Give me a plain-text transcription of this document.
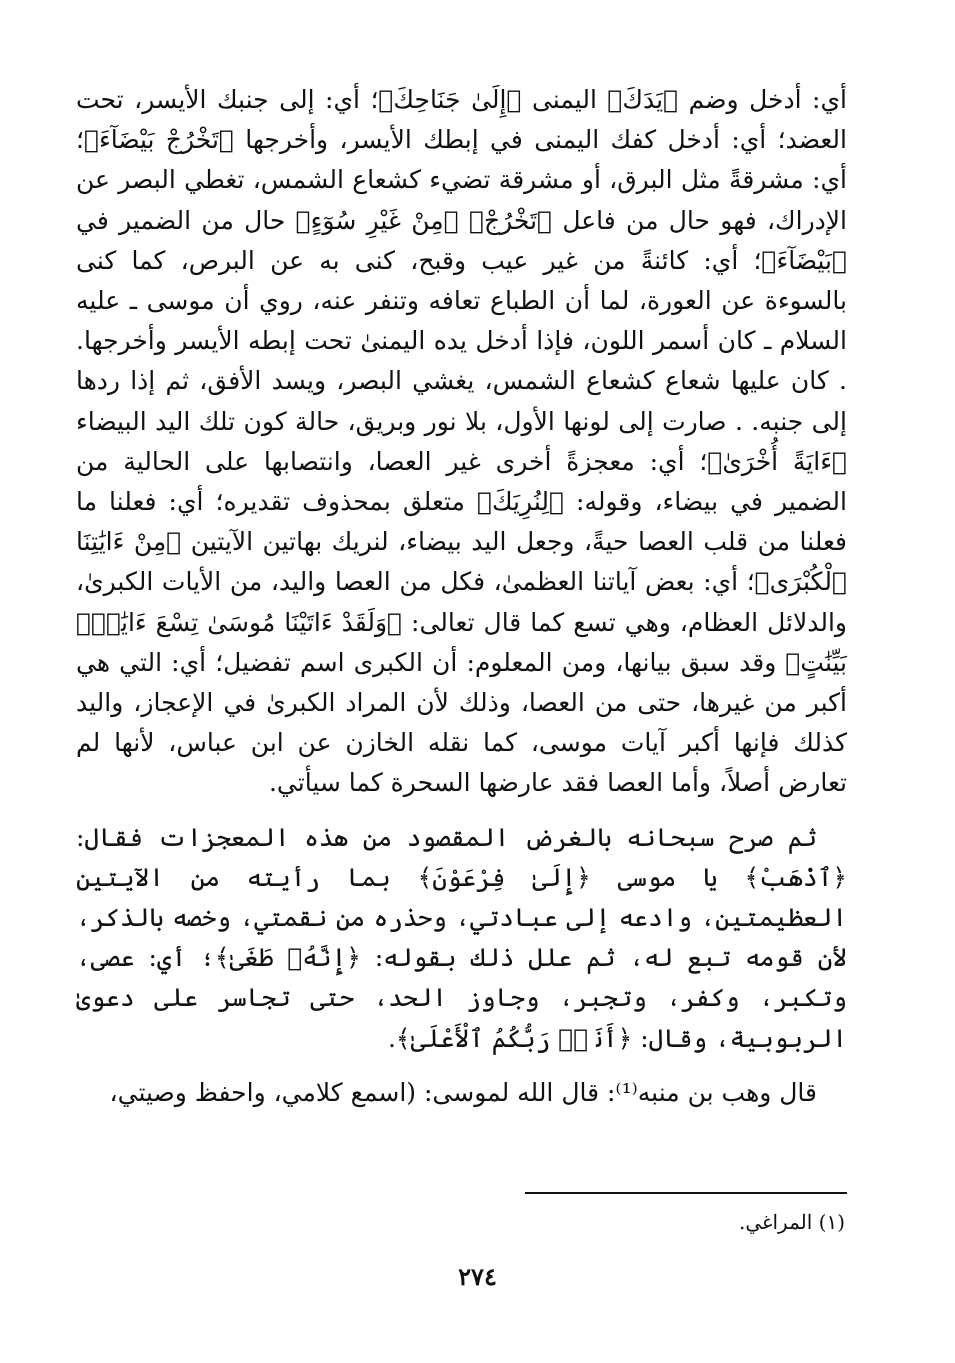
أي: أدخل وضم ﴿يَدَكَ﴾ اليمنى ﴿إِلَىٰ جَنَاحِكَ﴾؛ أي: إلى جنبك الأيسر، تحت العضد؛ أي: أدخل كفك اليمنى في إبطك الأيسر، وأخرجها ﴿تَخْرُجْ بَيْضَآءَ﴾؛ أي: مشرقةً مثل البرق، أو مشرقة تضيء كشعاع الشمس، تغطي البصر عن الإدراك، فهو حال من فاعل ﴿تَخْرُجْ﴾ ﴿مِنْ غَيْرِ سُوٓءٍ﴾ حال من الضمير في ﴿بَيْضَآءَ﴾؛ أي: كائنةً من غير عيب وقبح، كنى به عن البرص، كما كنى بالسوءة عن العورة، لما أن الطباع تعافه وتنفر عنه، روي أن موسى ـ عليه السلام ـ كان أسمر اللون، فإذا أدخل يده اليمنىٰ تحت إبطه الأيسر وأخرجها. . كان عليها شعاع كشعاع الشمس، يغشي البصر، ويسد الأفق، ثم إذا ردها إلى جنبه. . صارت إلى لونها الأول، بلا نور وبريق، حالة كون تلك اليد البيضاء ﴿ءَايَةً أُخْرَىٰ﴾؛ أي: معجزةً أخرى غير العصا، وانتصابها على الحالية من الضمير في بيضاء، وقوله: ﴿لِنُرِيَكَ﴾ متعلق بمحذوف تقديره؛ أي: فعلنا ما فعلنا من قلب العصا حيةً، وجعل اليد بيضاء، لنريك بهاتين الآيتين ﴿مِنْ ءَايَٰتِنَا ٱلْكُبْرَى﴾؛ أي: بعض آياتنا العظمىٰ، فكل من العصا واليد، من الأيات الكبرىٰ، والدلائل العظام، وهي تسع كما قال تعالى: ﴿وَلَقَدْ ءَاتَيْنَا مُوسَىٰ تِسْعَ ءَايَٰتٍۭ بَيِّنَٰتٍ﴾ وقد سبق بيانها، ومن المعلوم: أن الكبرى اسم تفضيل؛ أي: التي هي أكبر من غيرها، حتى من العصا، وذلك لأن المراد الكبرىٰ في الإعجاز، واليد كذلك فإنها أكبر آيات موسى، كما نقله الخازن عن ابن عباس، لأنها لم تعارض أصلاً، وأما العصا فقد عارضها السحرة كما سيأتي.

ثم صرح سبحانه بالغرض المقصود من هذه المعجزات فقال: ﴿ٱذْهَبْ﴾ يا موسى ﴿إِلَىٰ فِرْعَوْنَ﴾ بما رأيته من الآيتين العظيمتين، وادعه إلى عبادتي، وحذره من نقمتي، وخصه بالذكر، لأن قومه تبع له، ثم علل ذلك بقوله: ﴿إِنَّهُۥ طَغَىٰ﴾؛ أي: عصى، وتكبر، وكفر، وتجبر، وجاوز الحد، حتى تجاسر على دعوىٰ الربوبية، وقال: ﴿أَنَا۠ رَبُّكُمُ ٱلْأَعْلَىٰ﴾.

قال وهب بن منبه⁽¹⁾: قال الله لموسى: (اسمع كلامي، واحفظ وصيتي،

(١) المراغي.
٢٧٤
